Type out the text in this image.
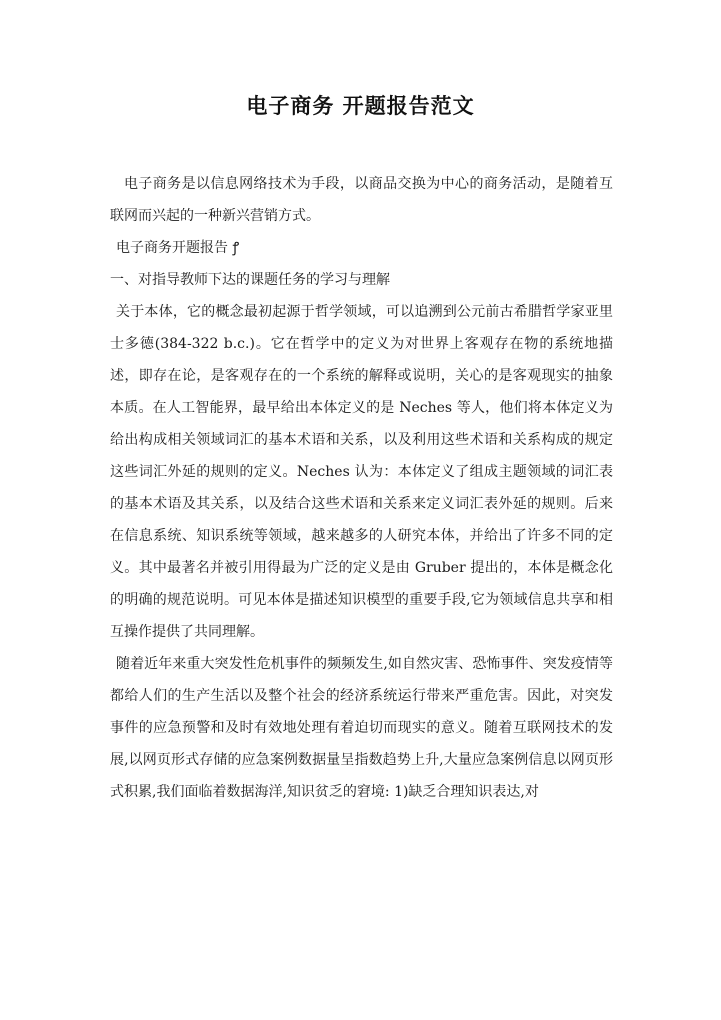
电子商务 开题报告范文

电子商务是以信息网络技术为手段，以商品交换为中心的商务活动，是随着互联网而兴起的一种新兴营销方式。

电子商务开题报告 ꝭ

一、对指导教师下达的课题任务的学习与理解

关于本体，它的概念最初起源于哲学领域，可以追溯到公元前古希腊哲学家亚里士多德(384-322 b.c.)。它在哲学中的定义为对世界上客观存在物的系统地描述，即存在论，是客观存在的一个系统的解释或说明，关心的是客观现实的抽象本质。在人工智能界，最早给出本体定义的是 Neches 等人，他们将本体定义为给出构成相关领域词汇的基本术语和关系，以及利用这些术语和关系构成的规定这些词汇外延的规则的定义。Neches 认为：本体定义了组成主题领域的词汇表的基本术语及其关系，以及结合这些术语和关系来定义词汇表外延的规则。后来在信息系统、知识系统等领域，越来越多的人研究本体，并给出了许多不同的定义。其中最著名并被引用得最为广泛的定义是由 Gruber 提出的，本体是概念化的明确的规范说明。可见本体是描述知识模型的重要手段,它为领域信息共享和相互操作提供了共同理解。

随着近年来重大突发性危机事件的频频发生,如自然灾害、恐怖事件、突发疫情等都给人们的生产生活以及整个社会的经济系统运行带来严重危害。因此，对突发事件的应急预警和及时有效地处理有着迫切而现实的意义。随着互联网技术的发展,以网页形式存储的应急案例数据量呈指数趋势上升,大量应急案例信息以网页形式积累,我们面临着数据海洋,知识贫乏的窘境: 1)缺乏合理知识表达,对
